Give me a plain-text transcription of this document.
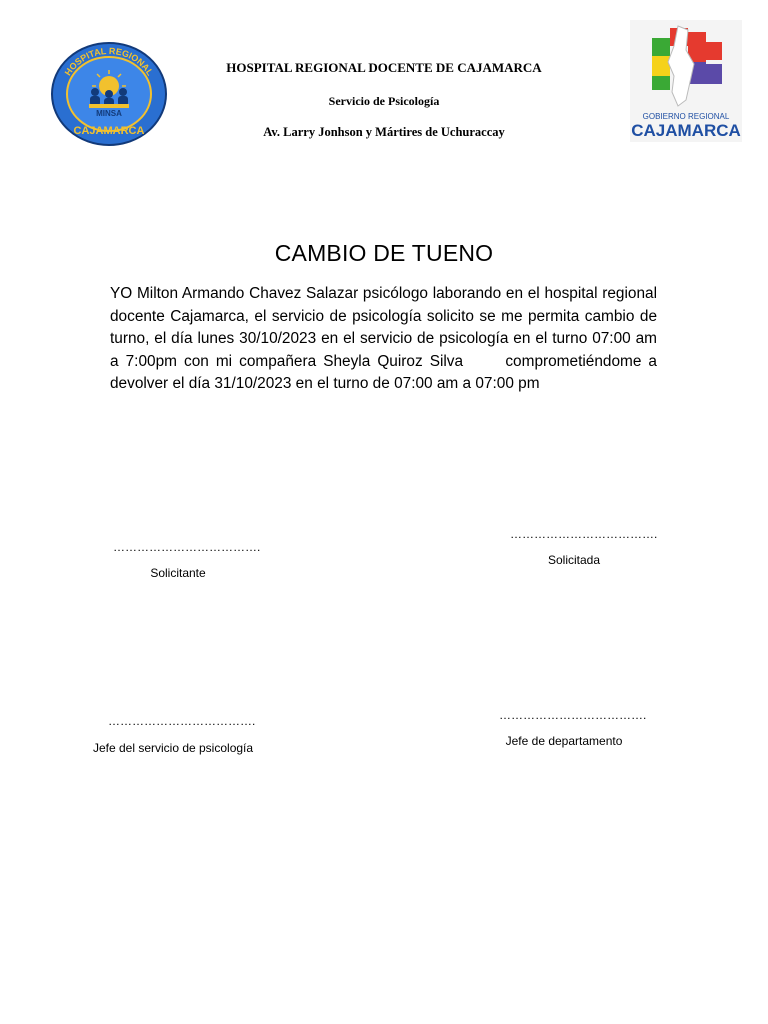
MINSA
HOSPITAL REGIONAL
CAJAMARCA
GOBIERNO REGIONAL
CAJAMARCA
HOSPITAL REGIONAL DOCENTE DE CAJAMARCA
Servicio de Psicología
Av. Larry Jonhson y Mártires de Uchuraccay
CAMBIO DE TUENO
YO Milton Armando Chavez Salazar psicólogo laborando en el hospital regional docente Cajamarca, el servicio de psicología solicito se me permita cambio de turno, el día lunes 30/10/2023 en el servicio de psicología en el turno 07:00 am a 7:00pm con mi compañera Sheyla Quiroz Silva      comprometiéndome a devolver el día 31/10/2023 en el turno de 07:00 am a 07:00 pm
……………………………….
Solicitante
……………………………….
Solicitada
……………………………….
Jefe del servicio de psicología
……………………………….
Jefe de departamento
